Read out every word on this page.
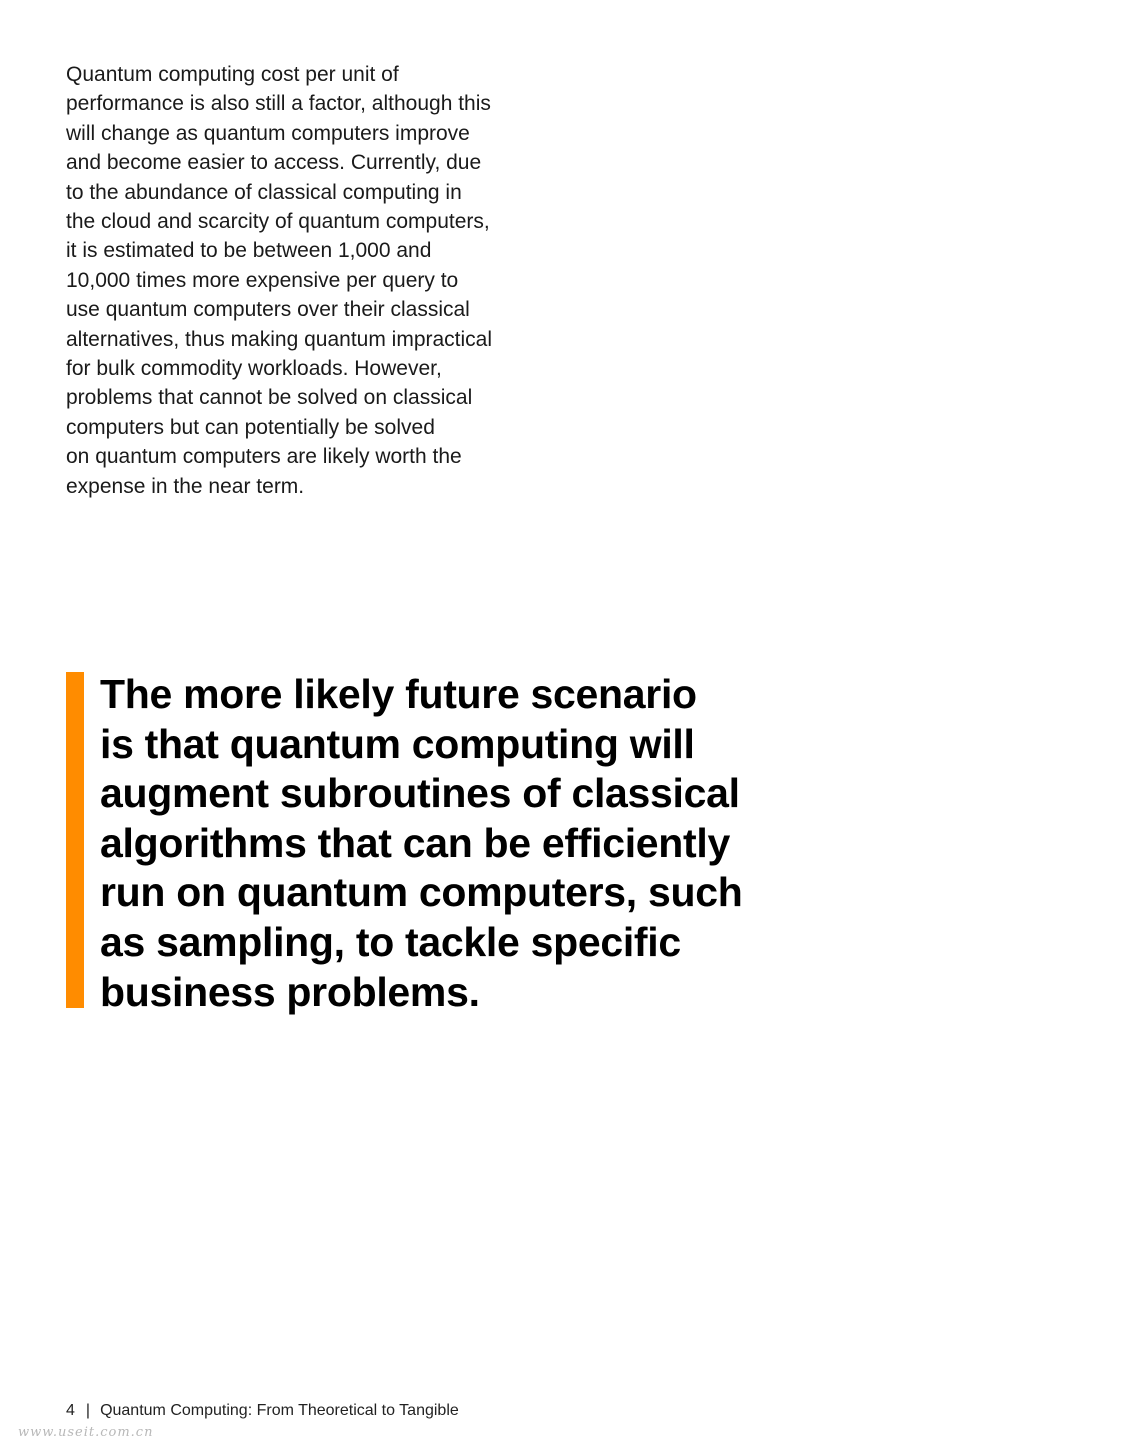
Quantum computing cost per unit of
performance is also still a factor, although this
will change as quantum computers improve
and become easier to access. Currently, due
to the abundance of classical computing in
the cloud and scarcity of quantum computers,
it is estimated to be between 1,000 and
10,000 times more expensive per query to
use quantum computers over their classical
alternatives, thus making quantum impractical
for bulk commodity workloads. However,
problems that cannot be solved on classical
computers but can potentially be solved
on quantum computers are likely worth the
expense in the near term.

The more likely future scenario
is that quantum computing will
augment subroutines of classical
algorithms that can be efficiently
run on quantum computers, such
as sampling, to tackle specific
business problems.

4 | Quantum Computing: From Theoretical to Tangible
www.useit.com.cn
